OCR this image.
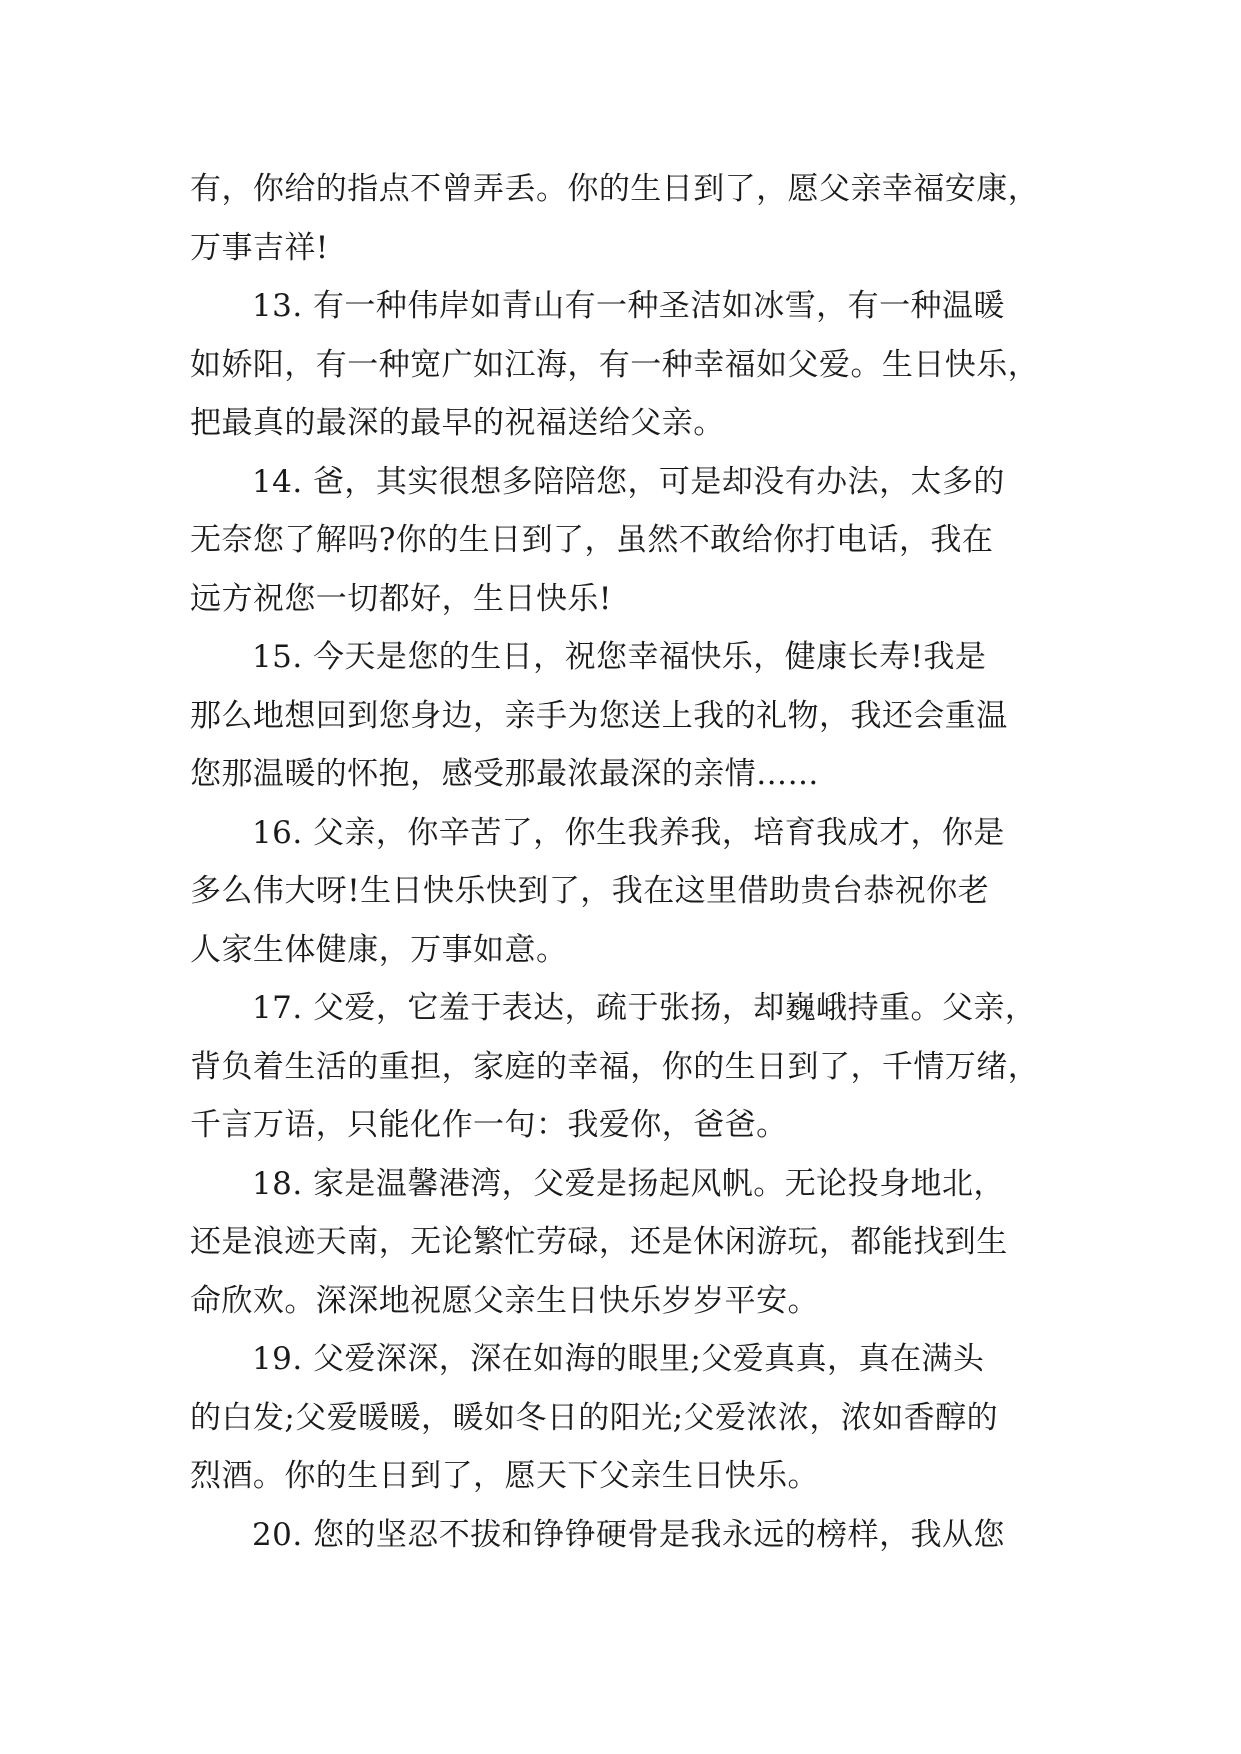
有，你给的指点不曾弄丢。你的生日到了，愿父亲幸福安康，
万事吉祥!

13. 有一种伟岸如青山有一种圣洁如冰雪，有一种温暖
如娇阳，有一种宽广如江海，有一种幸福如父爱。生日快乐，
把最真的最深的最早的祝福送给父亲。

14. 爸，其实很想多陪陪您，可是却没有办法，太多的
无奈您了解吗?你的生日到了，虽然不敢给你打电话，我在
远方祝您一切都好，生日快乐!

15. 今天是您的生日，祝您幸福快乐，健康长寿!我是
那么地想回到您身边，亲手为您送上我的礼物，我还会重温
您那温暖的怀抱，感受那最浓最深的亲情……

16. 父亲，你辛苦了，你生我养我，培育我成才，你是
多么伟大呀!生日快乐快到了，我在这里借助贵台恭祝你老
人家生体健康，万事如意。

17. 父爱，它羞于表达，疏于张扬，却巍峨持重。父亲，
背负着生活的重担，家庭的幸福，你的生日到了，千情万绪，
千言万语，只能化作一句：我爱你，爸爸。

18. 家是温馨港湾，父爱是扬起风帆。无论投身地北，
还是浪迹天南，无论繁忙劳碌，还是休闲游玩，都能找到生
命欣欢。深深地祝愿父亲生日快乐岁岁平安。

19. 父爱深深，深在如海的眼里;父爱真真，真在满头
的白发;父爱暖暖，暖如冬日的阳光;父爱浓浓，浓如香醇的
烈酒。你的生日到了，愿天下父亲生日快乐。

20. 您的坚忍不拔和铮铮硬骨是我永远的榜样，我从您
